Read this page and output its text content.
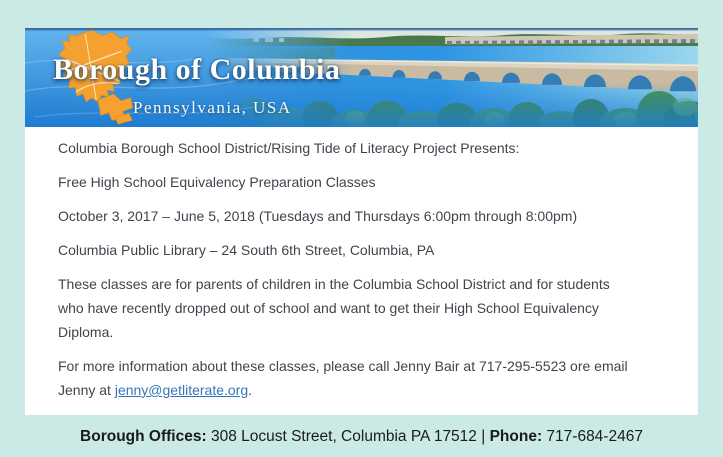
Borough of Columbia
Pennsylvania, USA

Columbia Borough School District/Rising Tide of Literacy Project Presents:

Free High School Equivalency Preparation Classes

October 3, 2017 – June 5, 2018 (Tuesdays and Thursdays 6:00pm through 8:00pm)

Columbia Public Library – 24 South 6th Street, Columbia, PA

These classes are for parents of children in the Columbia School District and for students
who have recently dropped out of school and want to get their High School Equivalency
Diploma.

For more information about these classes, please call Jenny Bair at 717-295-5523 ore email
Jenny at jenny@getliterate.org.

Borough Offices: 308 Locust Street, Columbia PA 17512 | Phone: 717-684-2467
